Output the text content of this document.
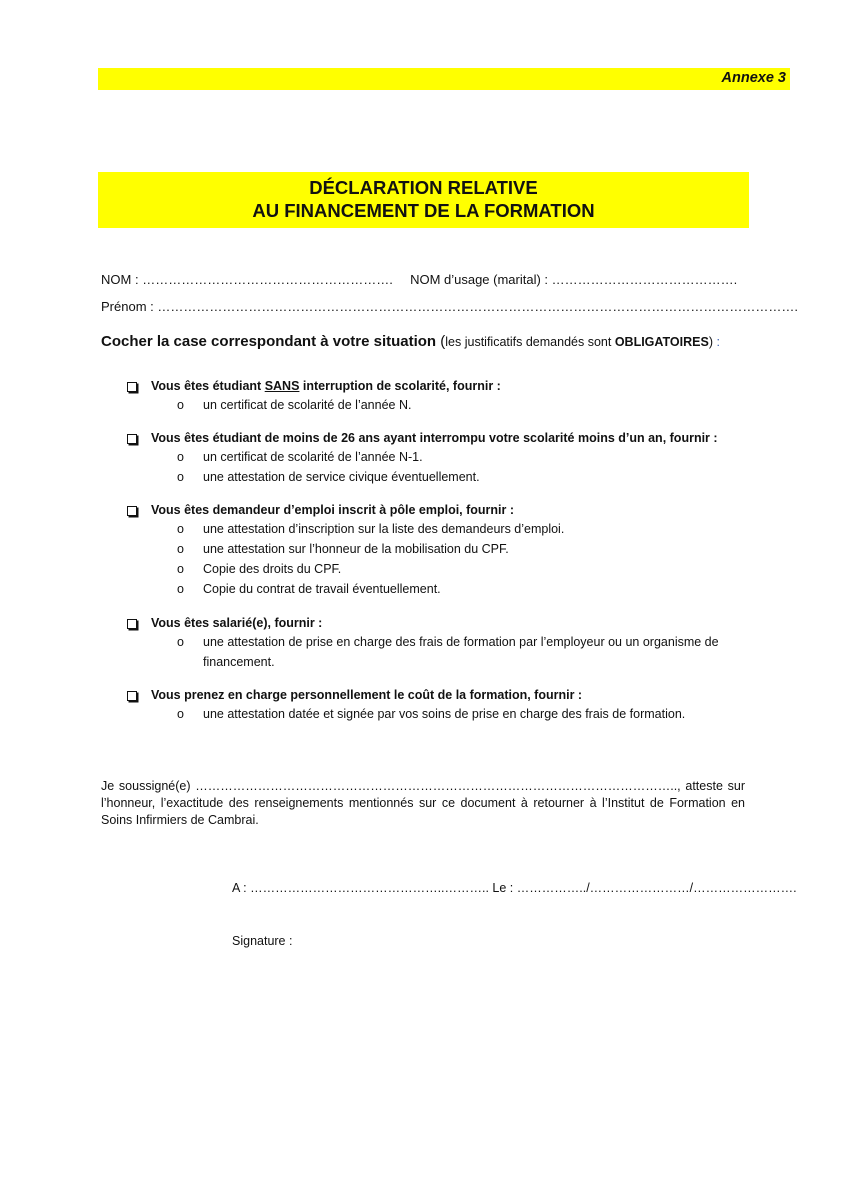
Annexe 3
DÉCLARATION RELATIVE
AU FINANCEMENT DE LA FORMATION
NOM : …………………………………………………. NOM d’usage (marital) : …………………………………….
Prénom : ………………………………………………………………………………………………………………………………….
Cocher la case correspondant à votre situation (les justificatifs demandés sont OBLIGATOIRES) :
Vous êtes étudiant SANS interruption de scolarité, fournir :
o	un certificat de scolarité de l’année N.
Vous êtes étudiant de moins de 26 ans ayant interrompu votre scolarité moins d’un an, fournir :
o	un certificat de scolarité de l’année N-1.
o	une attestation de service civique éventuellement.
Vous êtes demandeur d’emploi inscrit à pôle emploi, fournir :
o	une attestation d’inscription sur la liste des demandeurs d’emploi.
o	une attestation sur l’honneur de la mobilisation du CPF.
o	Copie des droits du CPF.
o	Copie du contrat de travail éventuellement.
Vous êtes salarié(e), fournir :
o	une attestation de prise en charge des frais de formation par l’employeur ou un organisme de financement.
Vous prenez en charge personnellement le coût de la formation, fournir :
o	une attestation datée et signée par vos soins de prise en charge des frais de formation.
Je soussigné(e) …………………………………………………………………………………………………….., atteste sur l’honneur, l’exactitude des renseignements mentionnés sur ce document à retourner à l’Institut de Formation en Soins Infirmiers de Cambrai.
A : ………………………………………..……….. Le : ……………../……………………/…………………….
Signature :
